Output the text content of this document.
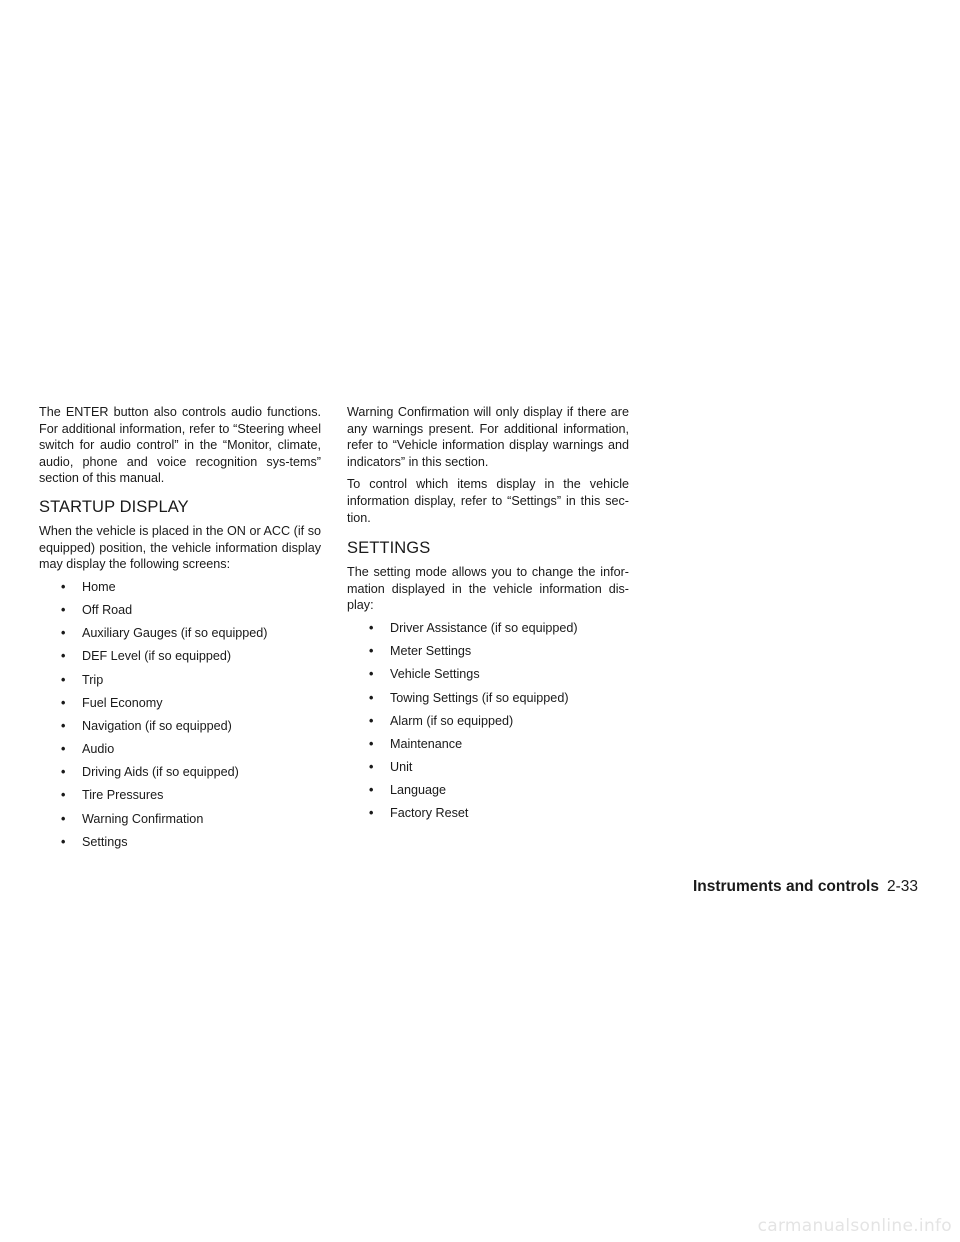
The ENTER button also controls audio functions. For additional information, refer to “Steering wheel switch for audio control” in the “Monitor, climate, audio, phone and voice recognition sys-tems” section of this manual.

STARTUP DISPLAY

When the vehicle is placed in the ON or ACC (if so equipped) position, the vehicle information display may display the following screens:

• Home
• Off Road
• Auxiliary Gauges (if so equipped)
• DEF Level (if so equipped)
• Trip
• Fuel Economy
• Navigation (if so equipped)
• Audio
• Driving Aids (if so equipped)
• Tire Pressures
• Warning Confirmation
• Settings

Warning Confirmation will only display if there are any warnings present. For additional information, refer to “Vehicle information display warnings and indicators” in this section.

To control which items display in the vehicle information display, refer to “Settings” in this sec-tion.

SETTINGS

The setting mode allows you to change the infor-mation displayed in the vehicle information dis-play:

• Driver Assistance (if so equipped)
• Meter Settings
• Vehicle Settings
• Towing Settings (if so equipped)
• Alarm (if so equipped)
• Maintenance
• Unit
• Language
• Factory Reset
Instruments and controls 2-33
carmanualsonline.info
